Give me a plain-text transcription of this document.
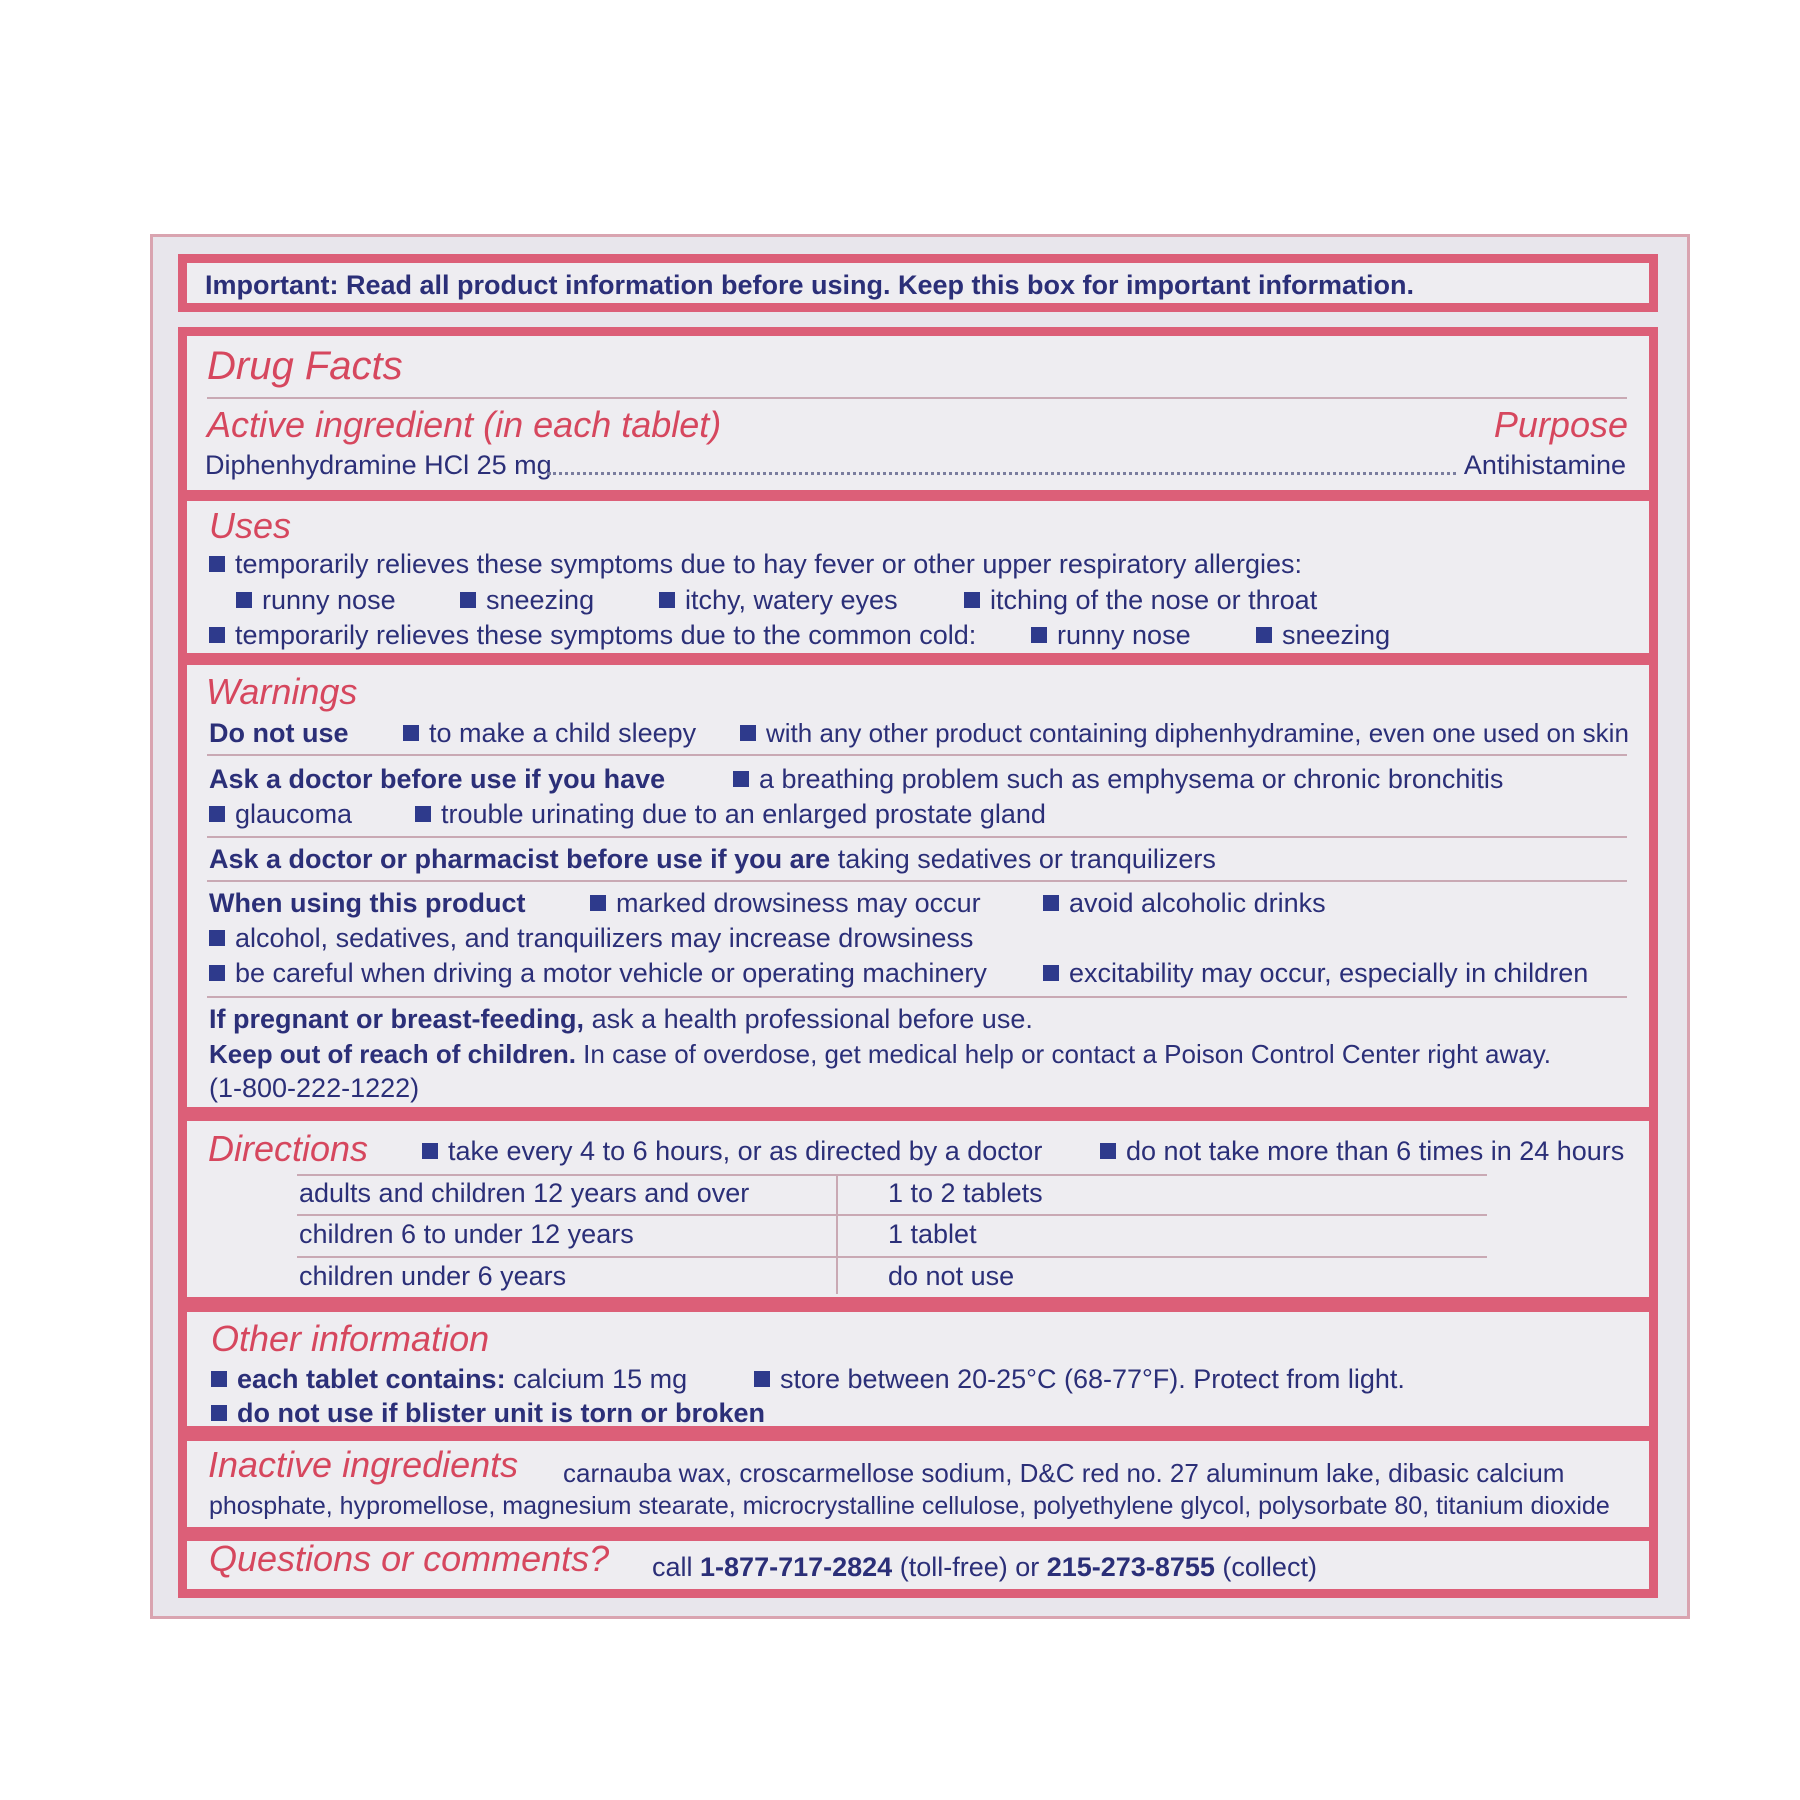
Important: Read all product information before using. Keep this box for important information.
Drug Facts
Active ingredient (in each tablet)	Purpose
Diphenhydramine HCl 25 mg	Antihistamine
Uses
temporarily relieves these symptoms due to hay fever or other upper respiratory allergies:
runny nose	sneezing	itchy, watery eyes	itching of the nose or throat
temporarily relieves these symptoms due to the common cold:	runny nose	sneezing
Warnings
Do not use	to make a child sleepy	with any other product containing diphenhydramine, even one used on skin
Ask a doctor before use if you have	a breathing problem such as emphysema or chronic bronchitis
glaucoma	trouble urinating due to an enlarged prostate gland
Ask a doctor or pharmacist before use if you are taking sedatives or tranquilizers
When using this product	marked drowsiness may occur	avoid alcoholic drinks
alcohol, sedatives, and tranquilizers may increase drowsiness
be careful when driving a motor vehicle or operating machinery	excitability may occur, especially in children
If pregnant or breast-feeding, ask a health professional before use.
Keep out of reach of children. In case of overdose, get medical help or contact a Poison Control Center right away.
(1-800-222-1222)
Directions	take every 4 to 6 hours, or as directed by a doctor	do not take more than 6 times in 24 hours
adults and children 12 years and over	1 to 2 tablets
children 6 to under 12 years	1 tablet
children under 6 years	do not use
Other information
each tablet contains: calcium 15 mg	store between 20-25°C (68-77°F). Protect from light.
do not use if blister unit is torn or broken
Inactive ingredients carnauba wax, croscarmellose sodium, D&C red no. 27 aluminum lake, dibasic calcium
phosphate, hypromellose, magnesium stearate, microcrystalline cellulose, polyethylene glycol, polysorbate 80, titanium dioxide
Questions or comments? call 1-877-717-2824 (toll-free) or 215-273-8755 (collect)
